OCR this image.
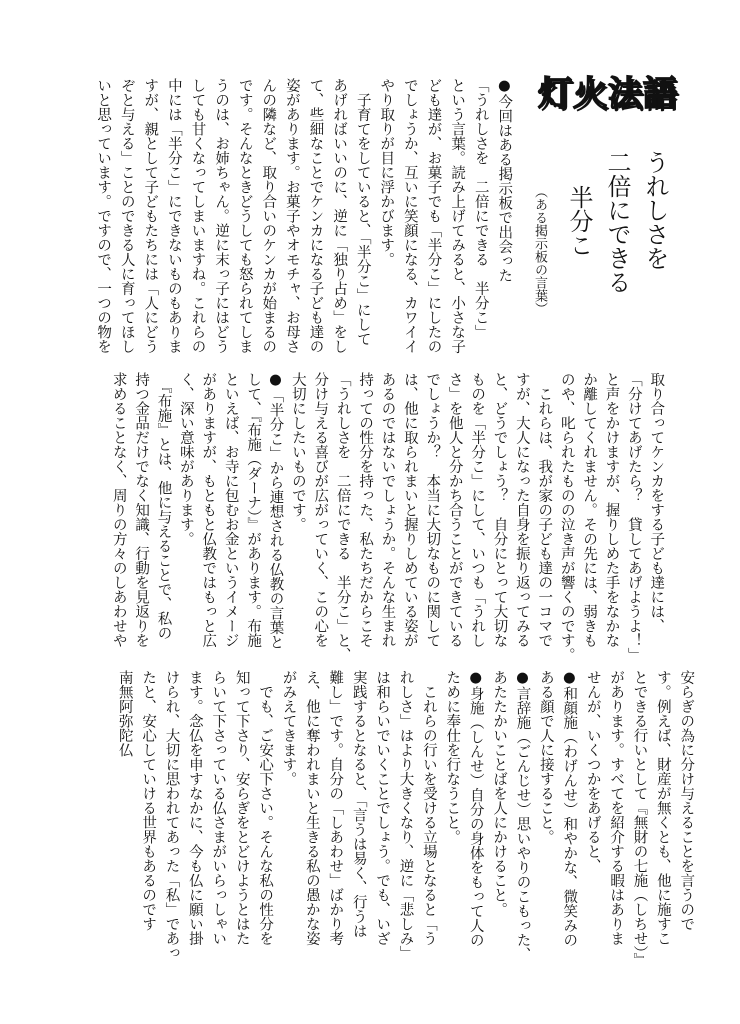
灯火法語
うれしさを
二倍にできる
半分こ
（ある掲示板の言葉）
●今回はある掲示板で出会った
「うれしさを　二倍にできる　半分こ」
という言葉。読み上げてみると、小さな子
ども達が、お菓子でも「半分こ」にしたの
でしょうか、互いに笑顔になる、カワイイ
やり取りが目に浮かびます。
　子育てをしていると、「半分こ」にして
あげればいいのに、逆に「独り占め」をし
て、些細なことでケンカになる子ども達の
姿があります。お菓子やオモチャ、お母さ
んの隣など、取り合いのケンカが始まるの
です。そんなときどうしても怒られてしま
うのは、お姉ちゃん。逆に末っ子にはどう
しても甘くなってしまいますね。これらの
中には「半分こ」にできないものもありま
すが、親として子どもたちには「人にどう
ぞと与える」ことのできる人に育ってほし
いと思っています。ですので、一つの物を
取り合ってケンカをする子ども達には、
「分けてあげたら？　貸してあげようよ！」
と声をかけますが、握りしめた手をなかな
か離してくれません。その先には、弱きも
のや、叱られたものの泣き声が響くのです。
　これらは、我が家の子ども達の一コマで
すが、大人になった自身を振り返ってみる
と、どうでしょう？　自分にとって大切な
ものを「半分こ」にして、いつも「うれし
さ」を他人と分かち合うことができている
でしょうか？　本当に大切なものに関して
は、他に取られまいと握りしめている姿が
あるのではないでしょうか。そんな生まれ
持っての性分を持った、私たちだからこそ
「うれしさを　二倍にできる　半分こ」と、
分け与える喜びが広がっていく、この心を
大切にしたいものです。
●「半分こ」から連想される仏教の言葉と
して、『布施（ダーナ）』があります。布施
といえば、お寺に包むお金というイメージ
がありますが、もともと仏教ではもっと広
く、深い意味があります。
　『布施』とは、他に与えることで、私の
持つ金品だけでなく知識、行動を見返りを
求めることなく、周りの方々のしあわせや
安らぎの為に分け与えることを言うので
す。例えば、財産が無くとも、他に施すこ
とできる行いとして『無財の七施（しちせ）』
があります。すべてを紹介する暇はありま
せんが、いくつかをあげると、
●和顔施（わげんせ）和やかな、微笑みの
ある顔で人に接すること。
●言辞施（ごんじせ）思いやりのこもった、
あたたかいことばを人にかけること。
●身施（しんせ）自分の身体をもって人の
ために奉仕を行なうこと。
　これらの行いを受ける立場となると「う
れしさ」はより大きくなり、逆に「悲しみ」
は和らいでいくことでしょう。でも、いざ
実践するとなると、「言うは易く、行うは
難し」です。自分の「しあわせ」ばかり考
え、他に奪われまいと生きる私の愚かな姿
がみえてきます。
　でも、ご安心下さい。そんな私の性分を
知って下さり、安らぎをとどけようとはた
らいて下さっている仏さまがいらっしゃい
ます。念仏を申すなかに、今も仏に願い掛
けられ、大切に思われてあった「私」であっ
たと、安心していける世界もあるのです
南無阿弥陀仏
